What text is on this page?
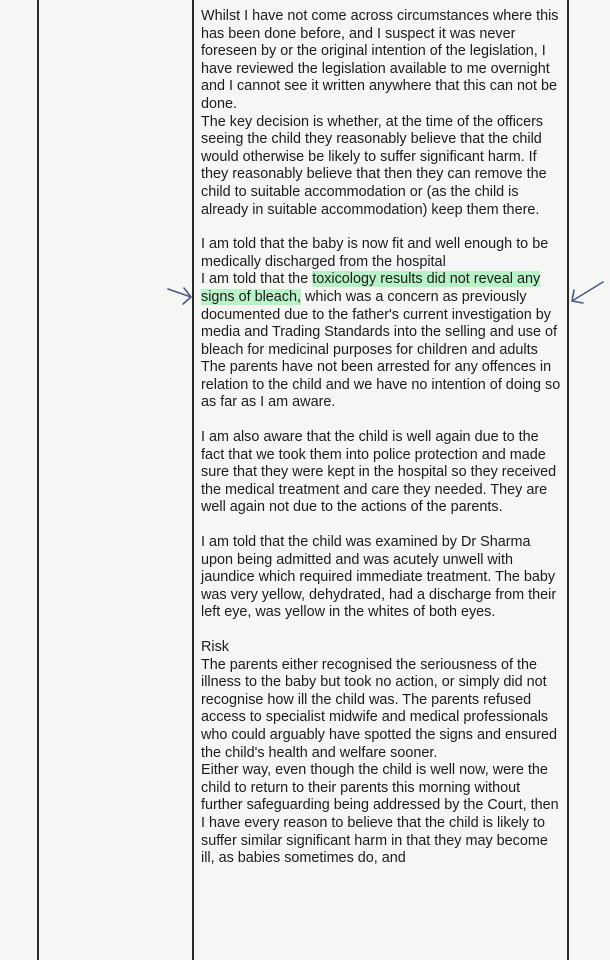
Whilst I have not come across circumstances where this has been done before, and I suspect it was never foreseen by or the original intention of the legislation, I have reviewed the legislation available to me overnight and I cannot see it written anywhere that this can not be done.

The key decision is whether, at the time of the officers seeing the child they reasonably believe that the child would otherwise be likely to suffer significant harm. If they reasonably believe that then they can remove the child to suitable accommodation or (as the child is already in suitable accommodation) keep them there.

I am told that the baby is now fit and well enough to be medically discharged from the hospital

I am told that the toxicology results did not reveal any signs of bleach, which was a concern as previously documented due to the father's current investigation by media and Trading Standards into the selling and use of bleach for medicinal purposes for children and adults

The parents have not been arrested for any offences in relation to the child and we have no intention of doing so as far as I am aware.

I am also aware that the child is well again due to the fact that we took them into police protection and made sure that they were kept in the hospital so they received the medical treatment and care they needed. They are well again not due to the actions of the parents.

I am told that the child was examined by Dr Sharma upon being admitted and was acutely unwell with jaundice which required immediate treatment. The baby was very yellow, dehydrated, had a discharge from their left eye, was yellow in the whites of both eyes.

Risk

The parents either recognised the seriousness of the illness to the baby but took no action, or simply did not recognise how ill the child was. The parents refused access to specialist midwife and medical professionals who could arguably have spotted the signs and ensured the child's health and welfare sooner.

Either way, even though the child is well now, were the child to return to their parents this morning without further safeguarding being addressed by the Court, then I have every reason to believe that the child is likely to suffer similar significant harm in that they may become ill, as babies sometimes do, and
